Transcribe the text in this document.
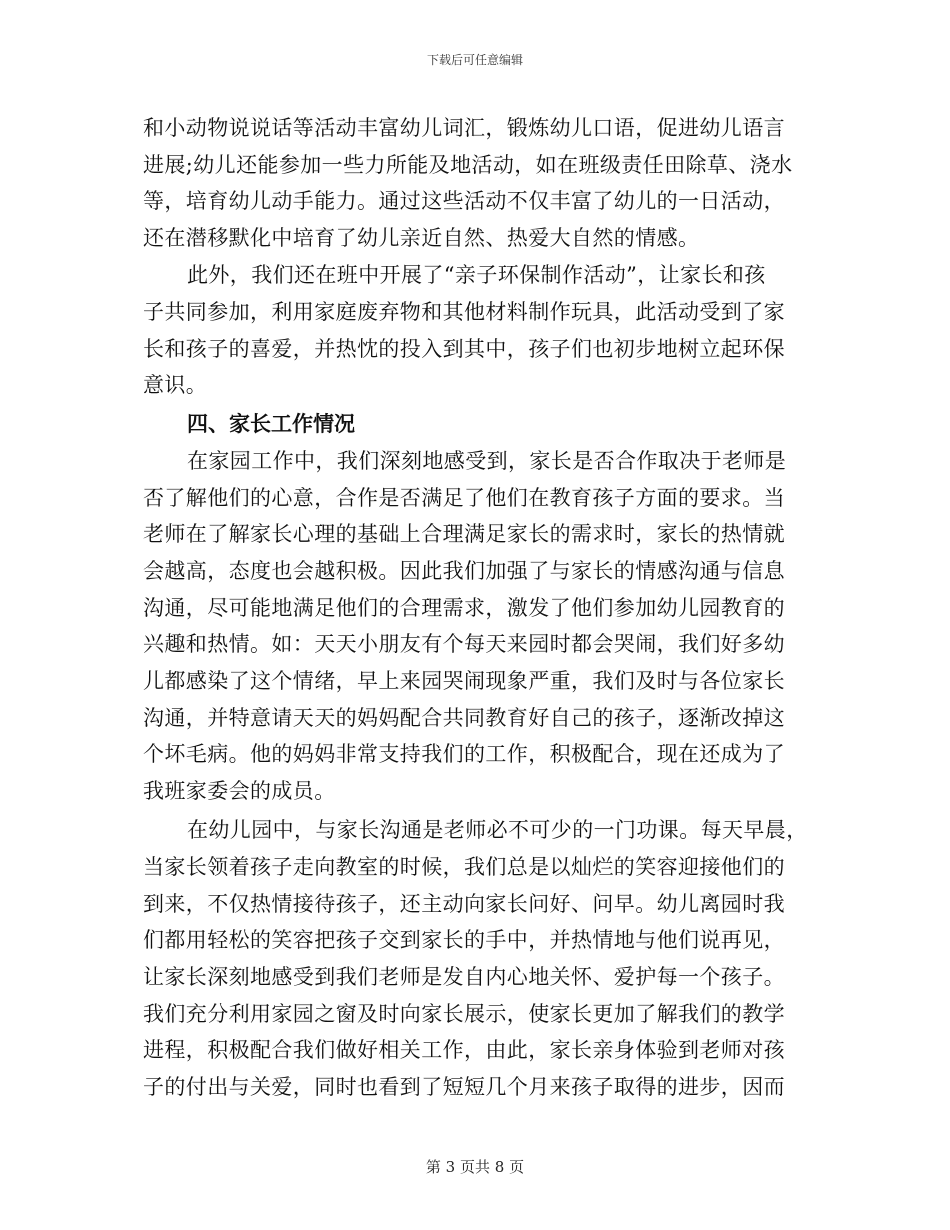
下载后可任意编辑
和小动物说说话等活动丰富幼儿词汇，锻炼幼儿口语，促进幼儿语言
进展;幼儿还能参加一些力所能及地活动，如在班级责任田除草、浇水
等，培育幼儿动手能力。通过这些活动不仅丰富了幼儿的一日活动，
还在潜移默化中培育了幼儿亲近自然、热爱大自然的情感。
此外，我们还在班中开展了“亲子环保制作活动”，让家长和孩
子共同参加，利用家庭废弃物和其他材料制作玩具，此活动受到了家
长和孩子的喜爱，并热忱的投入到其中，孩子们也初步地树立起环保
意识。
四、家长工作情况
在家园工作中，我们深刻地感受到，家长是否合作取决于老师是
否了解他们的心意，合作是否满足了他们在教育孩子方面的要求。当
老师在了解家长心理的基础上合理满足家长的需求时，家长的热情就
会越高，态度也会越积极。因此我们加强了与家长的情感沟通与信息
沟通，尽可能地满足他们的合理需求，激发了他们参加幼儿园教育的
兴趣和热情。如：天天小朋友有个每天来园时都会哭闹，我们好多幼
儿都感染了这个情绪，早上来园哭闹现象严重，我们及时与各位家长
沟通，并特意请天天的妈妈配合共同教育好自己的孩子，逐渐改掉这
个坏毛病。他的妈妈非常支持我们的工作，积极配合，现在还成为了
我班家委会的成员。
在幼儿园中，与家长沟通是老师必不可少的一门功课。每天早晨，
当家长领着孩子走向教室的时候，我们总是以灿烂的笑容迎接他们的
到来，不仅热情接待孩子，还主动向家长问好、问早。幼儿离园时我
们都用轻松的笑容把孩子交到家长的手中，并热情地与他们说再见，
让家长深刻地感受到我们老师是发自内心地关怀、爱护每一个孩子。
我们充分利用家园之窗及时向家长展示，使家长更加了解我们的教学
进程，积极配合我们做好相关工作，由此，家长亲身体验到老师对孩
子的付出与关爱，同时也看到了短短几个月来孩子取得的进步，因而
第 3 页共 8 页
